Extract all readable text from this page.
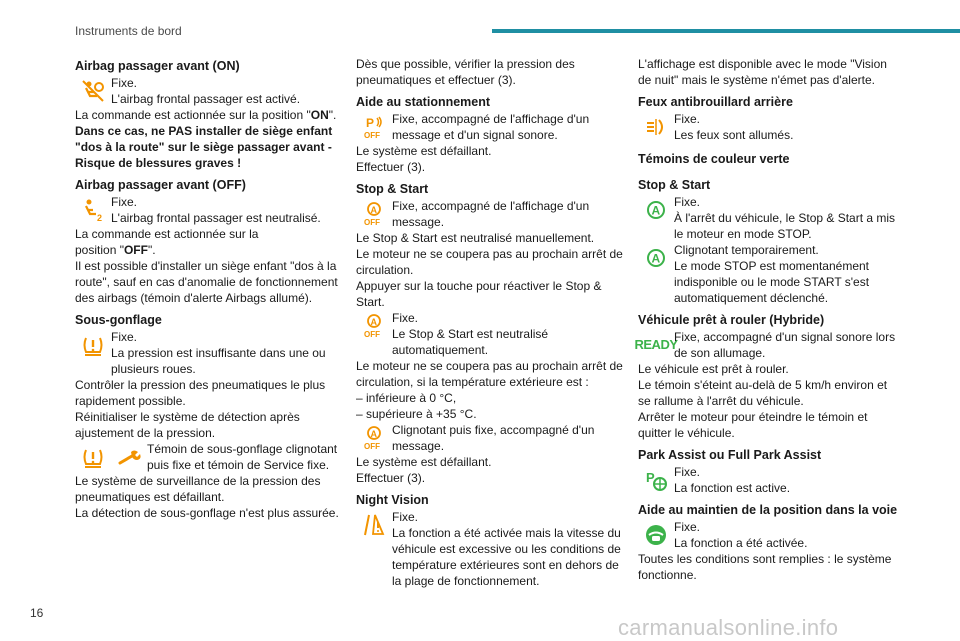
Instruments de bord
Airbag passager avant (ON)

Fixe.

L'airbag frontal passager est activé.

La commande est actionnée sur la position "ON".

Dans ce cas, ne PAS installer de siège enfant "dos à la route" sur le siège passager avant - Risque de blessures graves !

Airbag passager avant (OFF)
2

Fixe.

L'airbag frontal passager est neutralisé.

La commande est actionnée sur la

position "OFF".

Il est possible d'installer un siège enfant "dos à la route", sauf en cas d'anomalie de fonctionnement des airbags (témoin d'alerte Airbags allumé).

Sous-gonflage

Fixe.

La pression est insuffisante dans une ou plusieurs roues.

Contrôler la pression des pneumatiques le plus rapidement possible.

Réinitialiser le système de détection après ajustement de la pression.

Témoin de sous-gonflage clignotant puis fixe et témoin de Service fixe.

Le système de surveillance de la pression des pneumatiques est défaillant.

La détection de sous-gonflage n'est plus assurée.

Dès que possible, vérifier la pression des pneumatiques et effectuer (3).

Aide au stationnement
P
OFF

Fixe, accompagné de l'affichage d'un message et d'un signal sonore.

Le système est défaillant.

Effectuer (3).

Stop & Start
A
OFF

Fixe, accompagné de l'affichage d'un message.

Le Stop & Start est neutralisé manuellement.

Le moteur ne se coupera pas au prochain arrêt de circulation.

Appuyer sur la touche pour réactiver le Stop & Start.

A
OFF

Fixe.

Le Stop & Start est neutralisé automatiquement.

Le moteur ne se coupera pas au prochain arrêt de circulation, si la température extérieure est :

– inférieure à 0 °C,

– supérieure à +35 °C.

A
OFF

Clignotant puis fixe, accompagné d'un message.

Le système est défaillant.

Effectuer (3).

Night Vision

Fixe.

La fonction a été activée mais la vitesse du véhicule est excessive ou les conditions de température extérieures sont en dehors de la plage de fonctionnement.

L'affichage est disponible avec le mode "Vision de nuit" mais le système n'émet pas d'alerte.

Feux antibrouillard arrière

Fixe.

Les feux sont allumés.

Témoins de couleur verte
Stop & Start
A

Fixe.

À l'arrêt du véhicule, le Stop & Start a mis le moteur en mode STOP.

A

Clignotant temporairement.

Le mode STOP est momentanément indisponible ou le mode START s'est automatiquement déclenché.

Véhicule prêt à rouler (Hybride)
READY

Fixe, accompagné d'un signal sonore lors de son allumage.

Le véhicule est prêt à rouler.

Le témoin s'éteint au-delà de 5 km/h environ et se rallume à l'arrêt du véhicule.

Arrêter le moteur pour éteindre le témoin et quitter le véhicule.

Park Assist ou Full Park Assist
P Fixe.

La fonction est active.

Aide au maintien de la position dans la voie

Fixe.

La fonction a été activée.

Toutes les conditions sont remplies : le système fonctionne.

16
carmanualsonline.info
